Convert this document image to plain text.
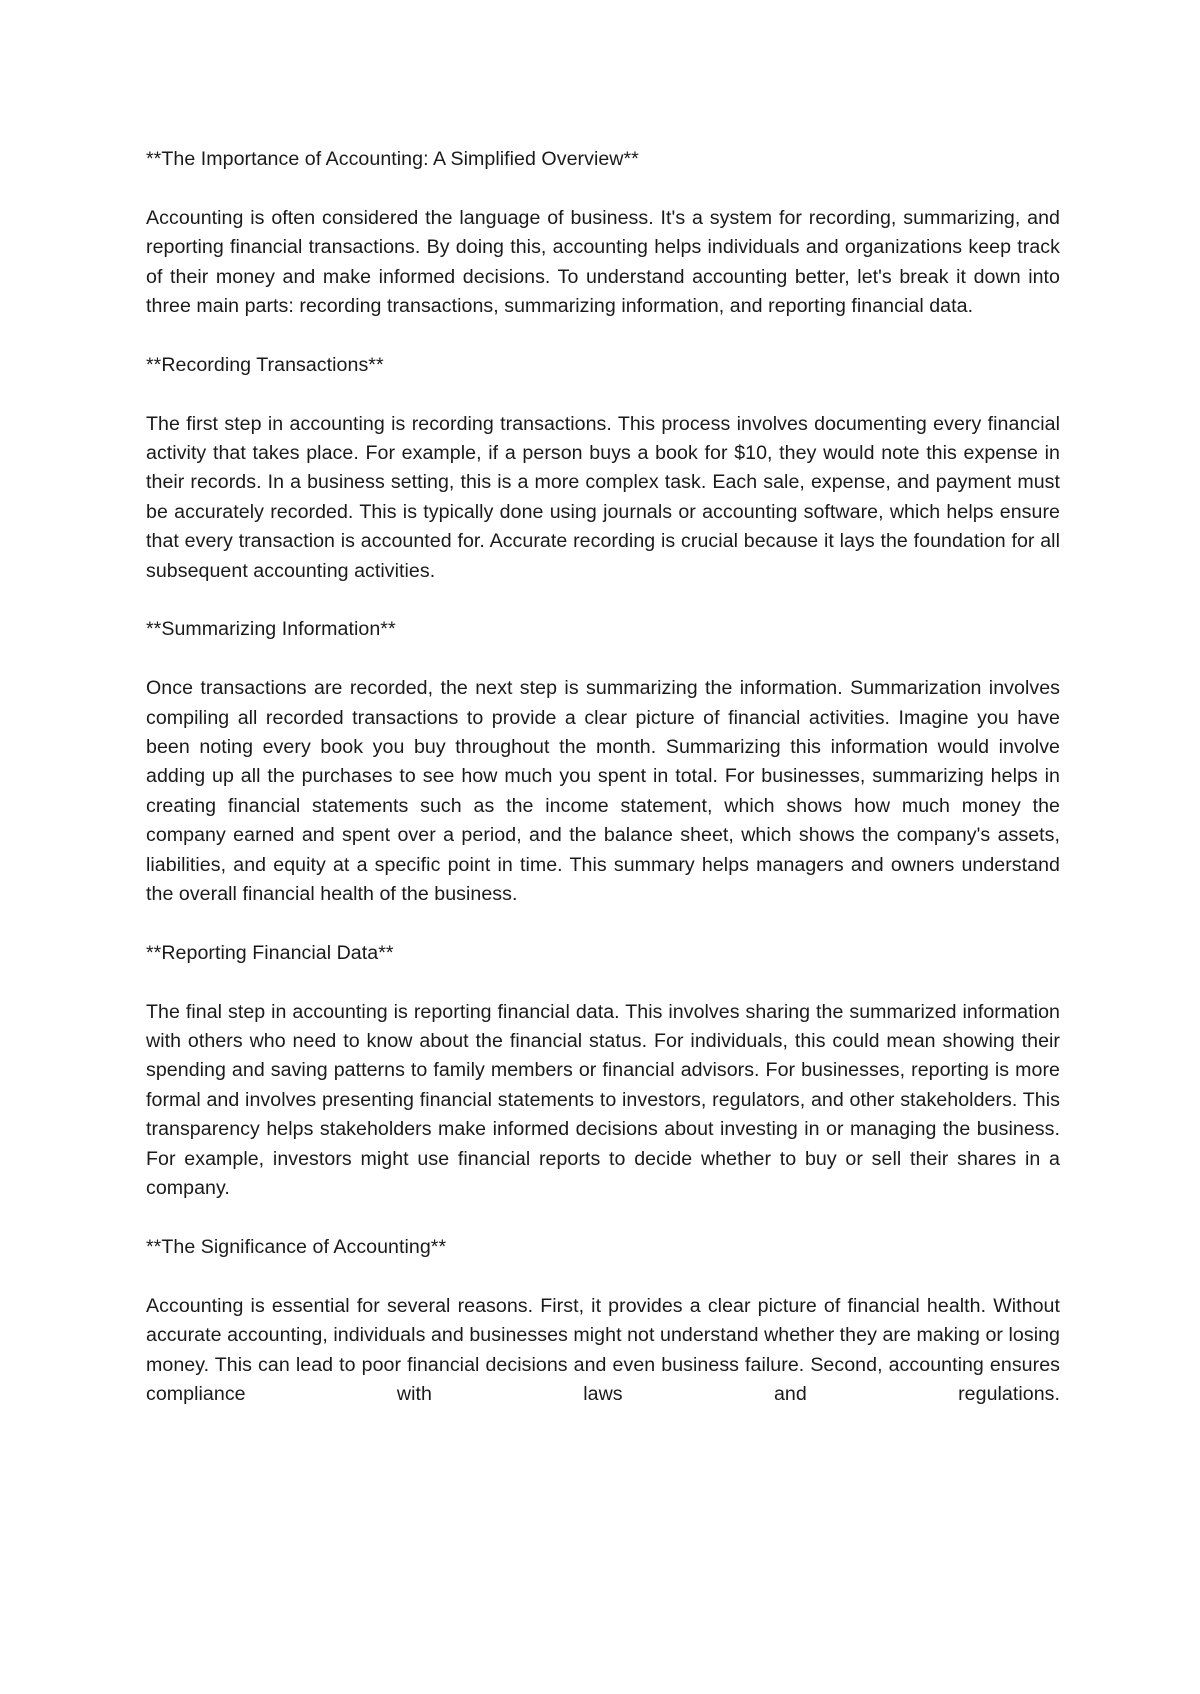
**The Importance of Accounting: A Simplified Overview**

Accounting is often considered the language of business. It's a system for recording, summarizing, and reporting financial transactions. By doing this, accounting helps individuals and organizations keep track of their money and make informed decisions. To understand accounting better, let's break it down into three main parts: recording transactions, summarizing information, and reporting financial data.

**Recording Transactions**

The first step in accounting is recording transactions. This process involves documenting every financial activity that takes place. For example, if a person buys a book for $10, they would note this expense in their records. In a business setting, this is a more complex task. Each sale, expense, and payment must be accurately recorded. This is typically done using journals or accounting software, which helps ensure that every transaction is accounted for. Accurate recording is crucial because it lays the foundation for all subsequent accounting activities.

**Summarizing Information**

Once transactions are recorded, the next step is summarizing the information. Summarization involves compiling all recorded transactions to provide a clear picture of financial activities. Imagine you have been noting every book you buy throughout the month. Summarizing this information would involve adding up all the purchases to see how much you spent in total. For businesses, summarizing helps in creating financial statements such as the income statement, which shows how much money the company earned and spent over a period, and the balance sheet, which shows the company's assets, liabilities, and equity at a specific point in time. This summary helps managers and owners understand the overall financial health of the business.

**Reporting Financial Data**

The final step in accounting is reporting financial data. This involves sharing the summarized information with others who need to know about the financial status. For individuals, this could mean showing their spending and saving patterns to family members or financial advisors. For businesses, reporting is more formal and involves presenting financial statements to investors, regulators, and other stakeholders. This transparency helps stakeholders make informed decisions about investing in or managing the business. For example, investors might use financial reports to decide whether to buy or sell their shares in a company.

**The Significance of Accounting**

Accounting is essential for several reasons. First, it provides a clear picture of financial health. Without accurate accounting, individuals and businesses might not understand whether they are making or losing money. This can lead to poor financial decisions and even business failure. Second, accounting ensures compliance with laws and regulations.
